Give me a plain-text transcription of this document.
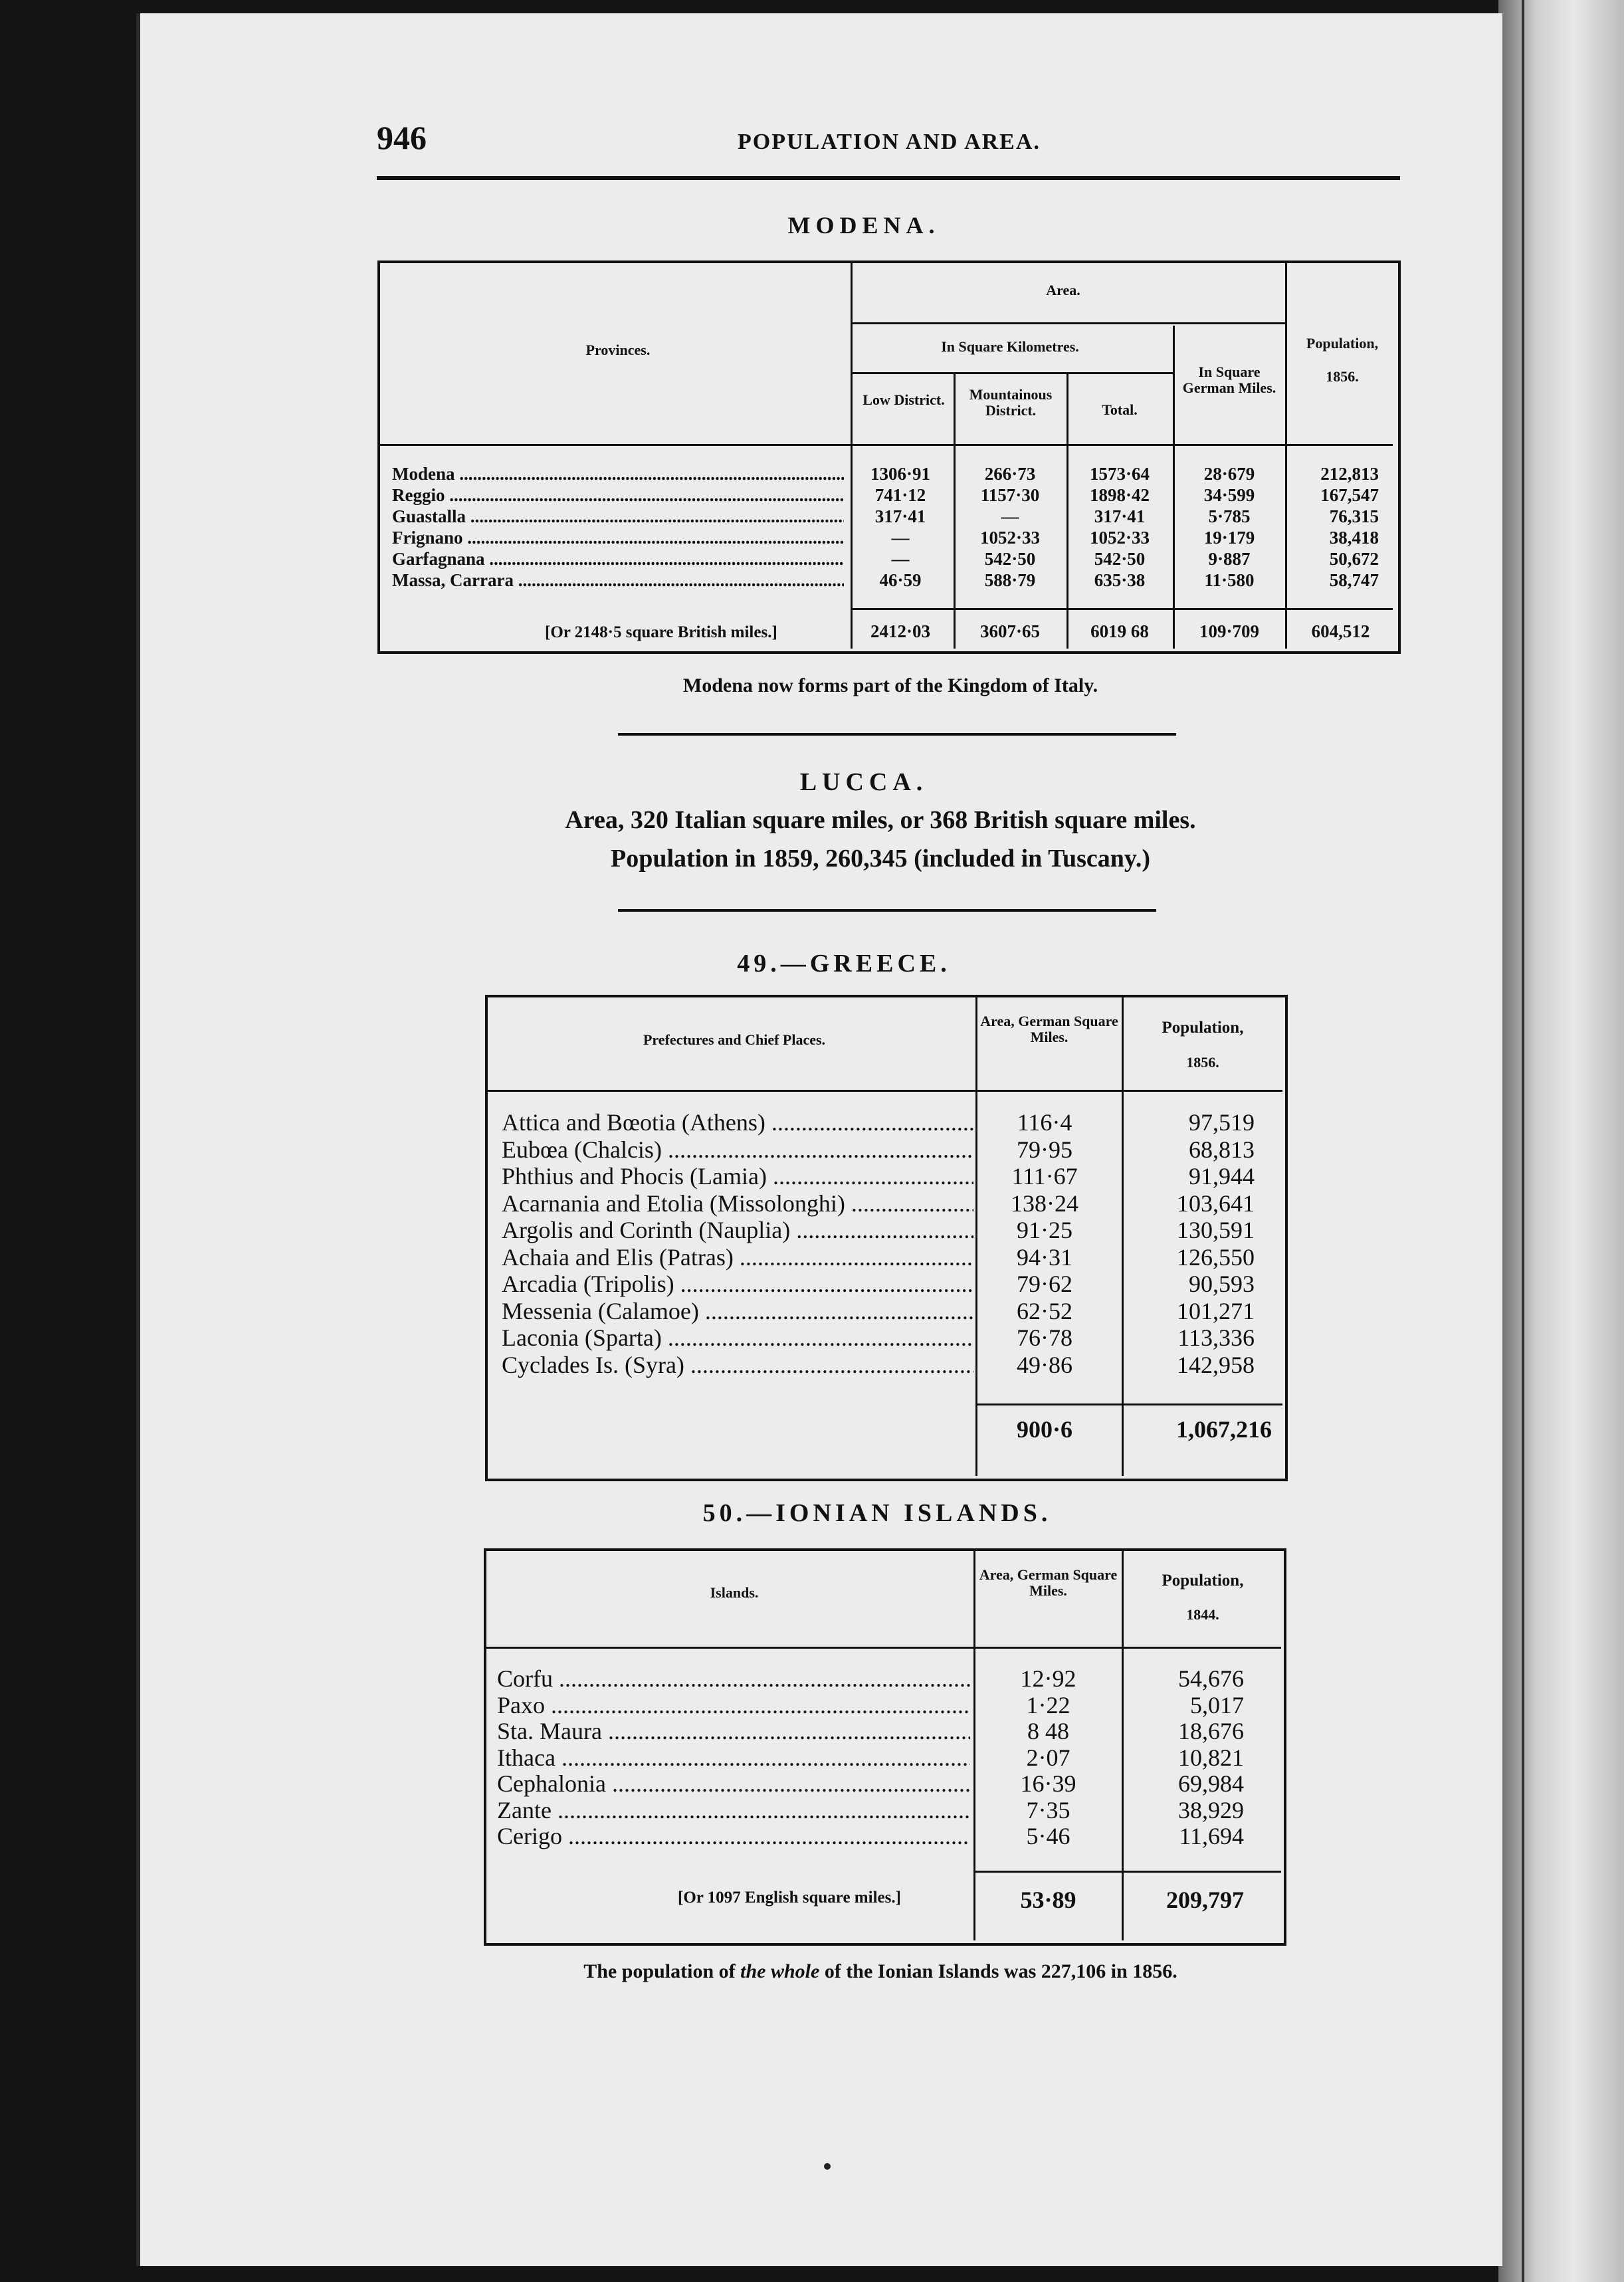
946	POPULATION AND AREA.
MODENA.
Provinces.
Area.
In Square Kilometres.
Low District.	Mountainous District.	Total.
In Square German Miles.
Population,
1856.
Modena .....	1306·91	266·73	1573·64	28·679	212,813
Reggio .....	741·12	1157·30	1898·42	34·599	167,547
Guastalla .....	317·41	—	317·41	5·785	76,315
Frignano .....	—	1052·33	1052·33	19·179	38,418
Garfagnana .....	—	542·50	542·50	9·887	50,672
Massa, Carrara .....	46·59	588·79	635·38	11·580	58,747
[Or 2148·5 square British miles.]	2412·03	3607·65	6019 68	109·709	604,512
Modena now forms part of the Kingdom of Italy.
LUCCA.
Area, 320 Italian square miles, or 368 British square miles.
Population in 1859, 260,345 (included in Tuscany.)
49.—GREECE.
Prefectures and Chief Places.
Area, German Square Miles.
Population,
1856.
Attica and Bœotia (Athens) .....	116·4	97,519
Eubœa (Chalcis) .....	79·95	68,813
Phthius and Phocis (Lamia) .....	111·67	91,944
Acarnania and Etolia (Missolonghi) .....	138·24	103,641
Argolis and Corinth (Nauplia) .....	91·25	130,591
Achaia and Elis (Patras) .....	94·31	126,550
Arcadia (Tripolis) .....	79·62	90,593
Messenia (Calamoe) .....	62·52	101,271
Laconia (Sparta) .....	76·78	113,336
Cyclades Is. (Syra) .....	49·86	142,958
900·6	1,067,216
50.—IONIAN ISLANDS.
Islands.
Area, German Square Miles.
Population,
1844.
Corfu .....	12·92	54,676
Paxo .....	1·22	5,017
Sta. Maura .....	8 48	18,676
Ithaca .....	2·07	10,821
Cephalonia .....	16·39	69,984
Zante .....	7·35	38,929
Cerigo .....	5·46	11,694
[Or 1097 English square miles.]	53·89	209,797
The population of the whole of the Ionian Islands was 227,106 in 1856.
